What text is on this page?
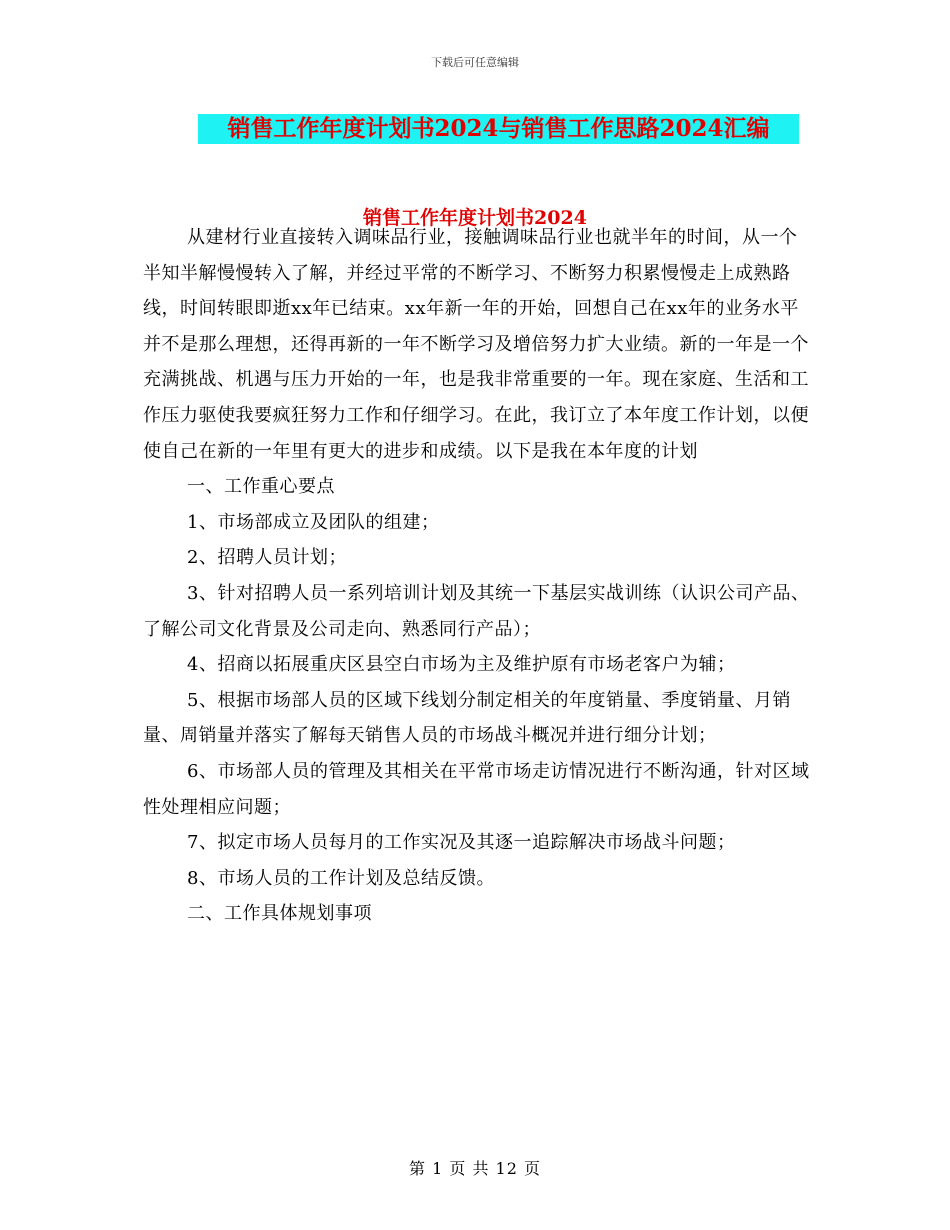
下载后可任意编辑
销售工作年度计划书2024与销售工作思路2024汇编
销售工作年度计划书2024

从建材行业直接转入调味品行业，接触调味品行业也就半年的时间，从一个半知半解慢慢转入了解，并经过平常的不断学习、不断努力积累慢慢走上成熟路线，时间转眼即逝xx年已结束。xx年新一年的开始，回想自己在xx年的业务水平并不是那么理想，还得再新的一年不断学习及增倍努力扩大业绩。新的一年是一个充满挑战、机遇与压力开始的一年，也是我非常重要的一年。现在家庭、生活和工作压力驱使我要疯狂努力工作和仔细学习。在此，我订立了本年度工作计划，以便使自己在新的一年里有更大的进步和成绩。以下是我在本年度的计划

一、工作重心要点

1、市场部成立及团队的组建；

2、招聘人员计划；

3、针对招聘人员一系列培训计划及其统一下基层实战训练（认识公司产品、了解公司文化背景及公司走向、熟悉同行产品）；

4、招商以拓展重庆区县空白市场为主及维护原有市场老客户为辅；

5、根据市场部人员的区域下线划分制定相关的年度销量、季度销量、月销量、周销量并落实了解每天销售人员的市场战斗概况并进行细分计划；

6、市场部人员的管理及其相关在平常市场走访情况进行不断沟通，针对区域性处理相应问题；

7、拟定市场人员每月的工作实况及其逐一追踪解决市场战斗问题；

8、市场人员的工作计划及总结反馈。

二、工作具体规划事项

第 1 页 共 12 页
